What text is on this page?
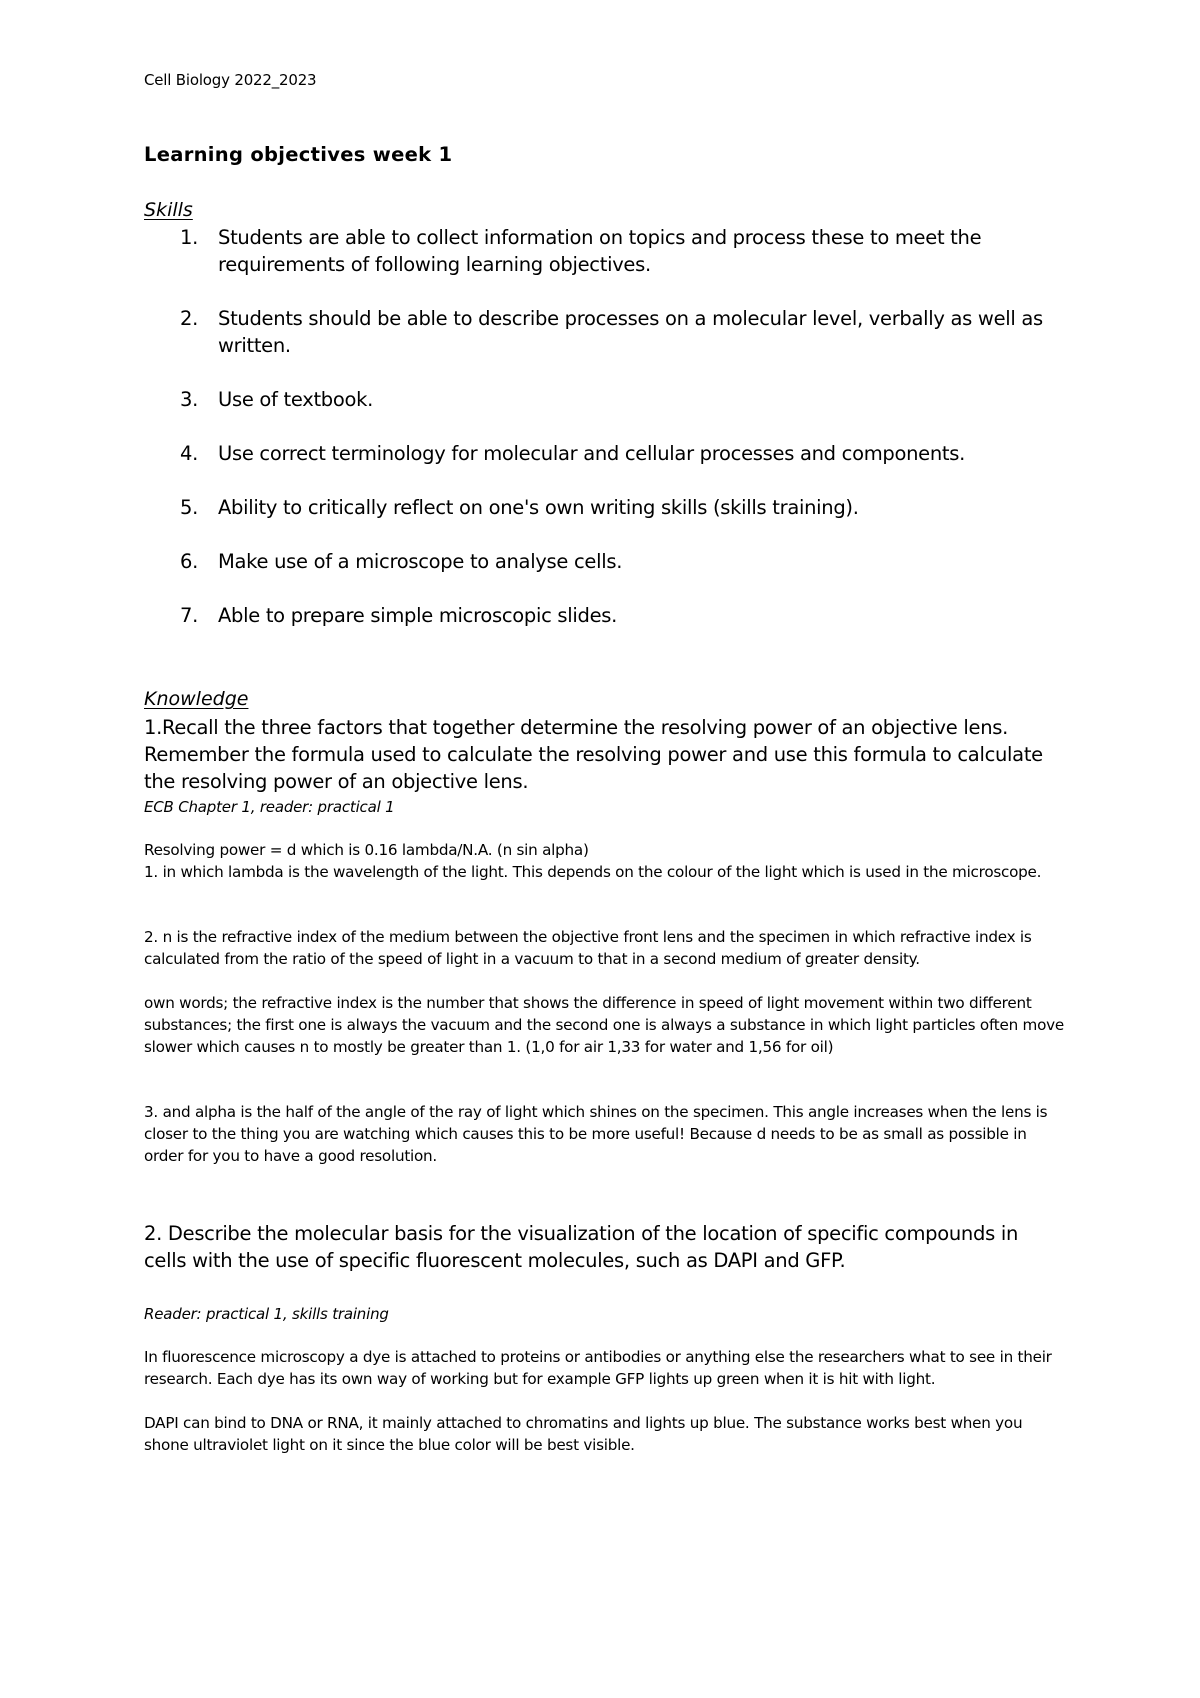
Cell Biology 2022_2023

Learning objectives week 1

Skills

1. Students are able to collect information on topics and process these to meet the requirements of following learning objectives.
2. Students should be able to describe processes on a molecular level, verbally as well as written.
3. Use of textbook.
4. Use correct terminology for molecular and cellular processes and components.
5. Ability to critically reflect on one's own writing skills (skills training).
6. Make use of a microscope to analyse cells.
7. Able to prepare simple microscopic slides.

Knowledge

1.Recall the three factors that together determine the resolving power of an objective lens. Remember the formula used to calculate the resolving power and use this formula to calculate the resolving power of an objective lens.

ECB Chapter 1, reader: practical 1

Resolving power = d which is 0.16 lambda/N.A. (n sin alpha)

1. in which lambda is the wavelength of the light. This depends on the colour of the light which is used in the microscope.

2. n is the refractive index of the medium between the objective front lens and the specimen in which refractive index is calculated from the ratio of the speed of light in a vacuum to that in a second medium of greater density.

own words; the refractive index is the number that shows the difference in speed of light movement within two different substances; the first one is always the vacuum and the second one is always a substance in which light particles often move slower which causes n to mostly be greater than 1. (1,0 for air 1,33 for water and 1,56 for oil)

3. and alpha is the half of the angle of the ray of light which shines on the specimen. This angle increases when the lens is closer to the thing you are watching which causes this to be more useful! Because d needs to be as small as possible in order for you to have a good resolution.

2. Describe the molecular basis for the visualization of the location of specific compounds in cells with the use of specific fluorescent molecules, such as DAPI and GFP.

Reader: practical 1, skills training

In fluorescence microscopy a dye is attached to proteins or antibodies or anything else the researchers what to see in their research. Each dye has its own way of working but for example GFP lights up green when it is hit with light.

DAPI can bind to DNA or RNA, it mainly attached to chromatins and lights up blue. The substance works best when you shone ultraviolet light on it since the blue color will be best visible.
